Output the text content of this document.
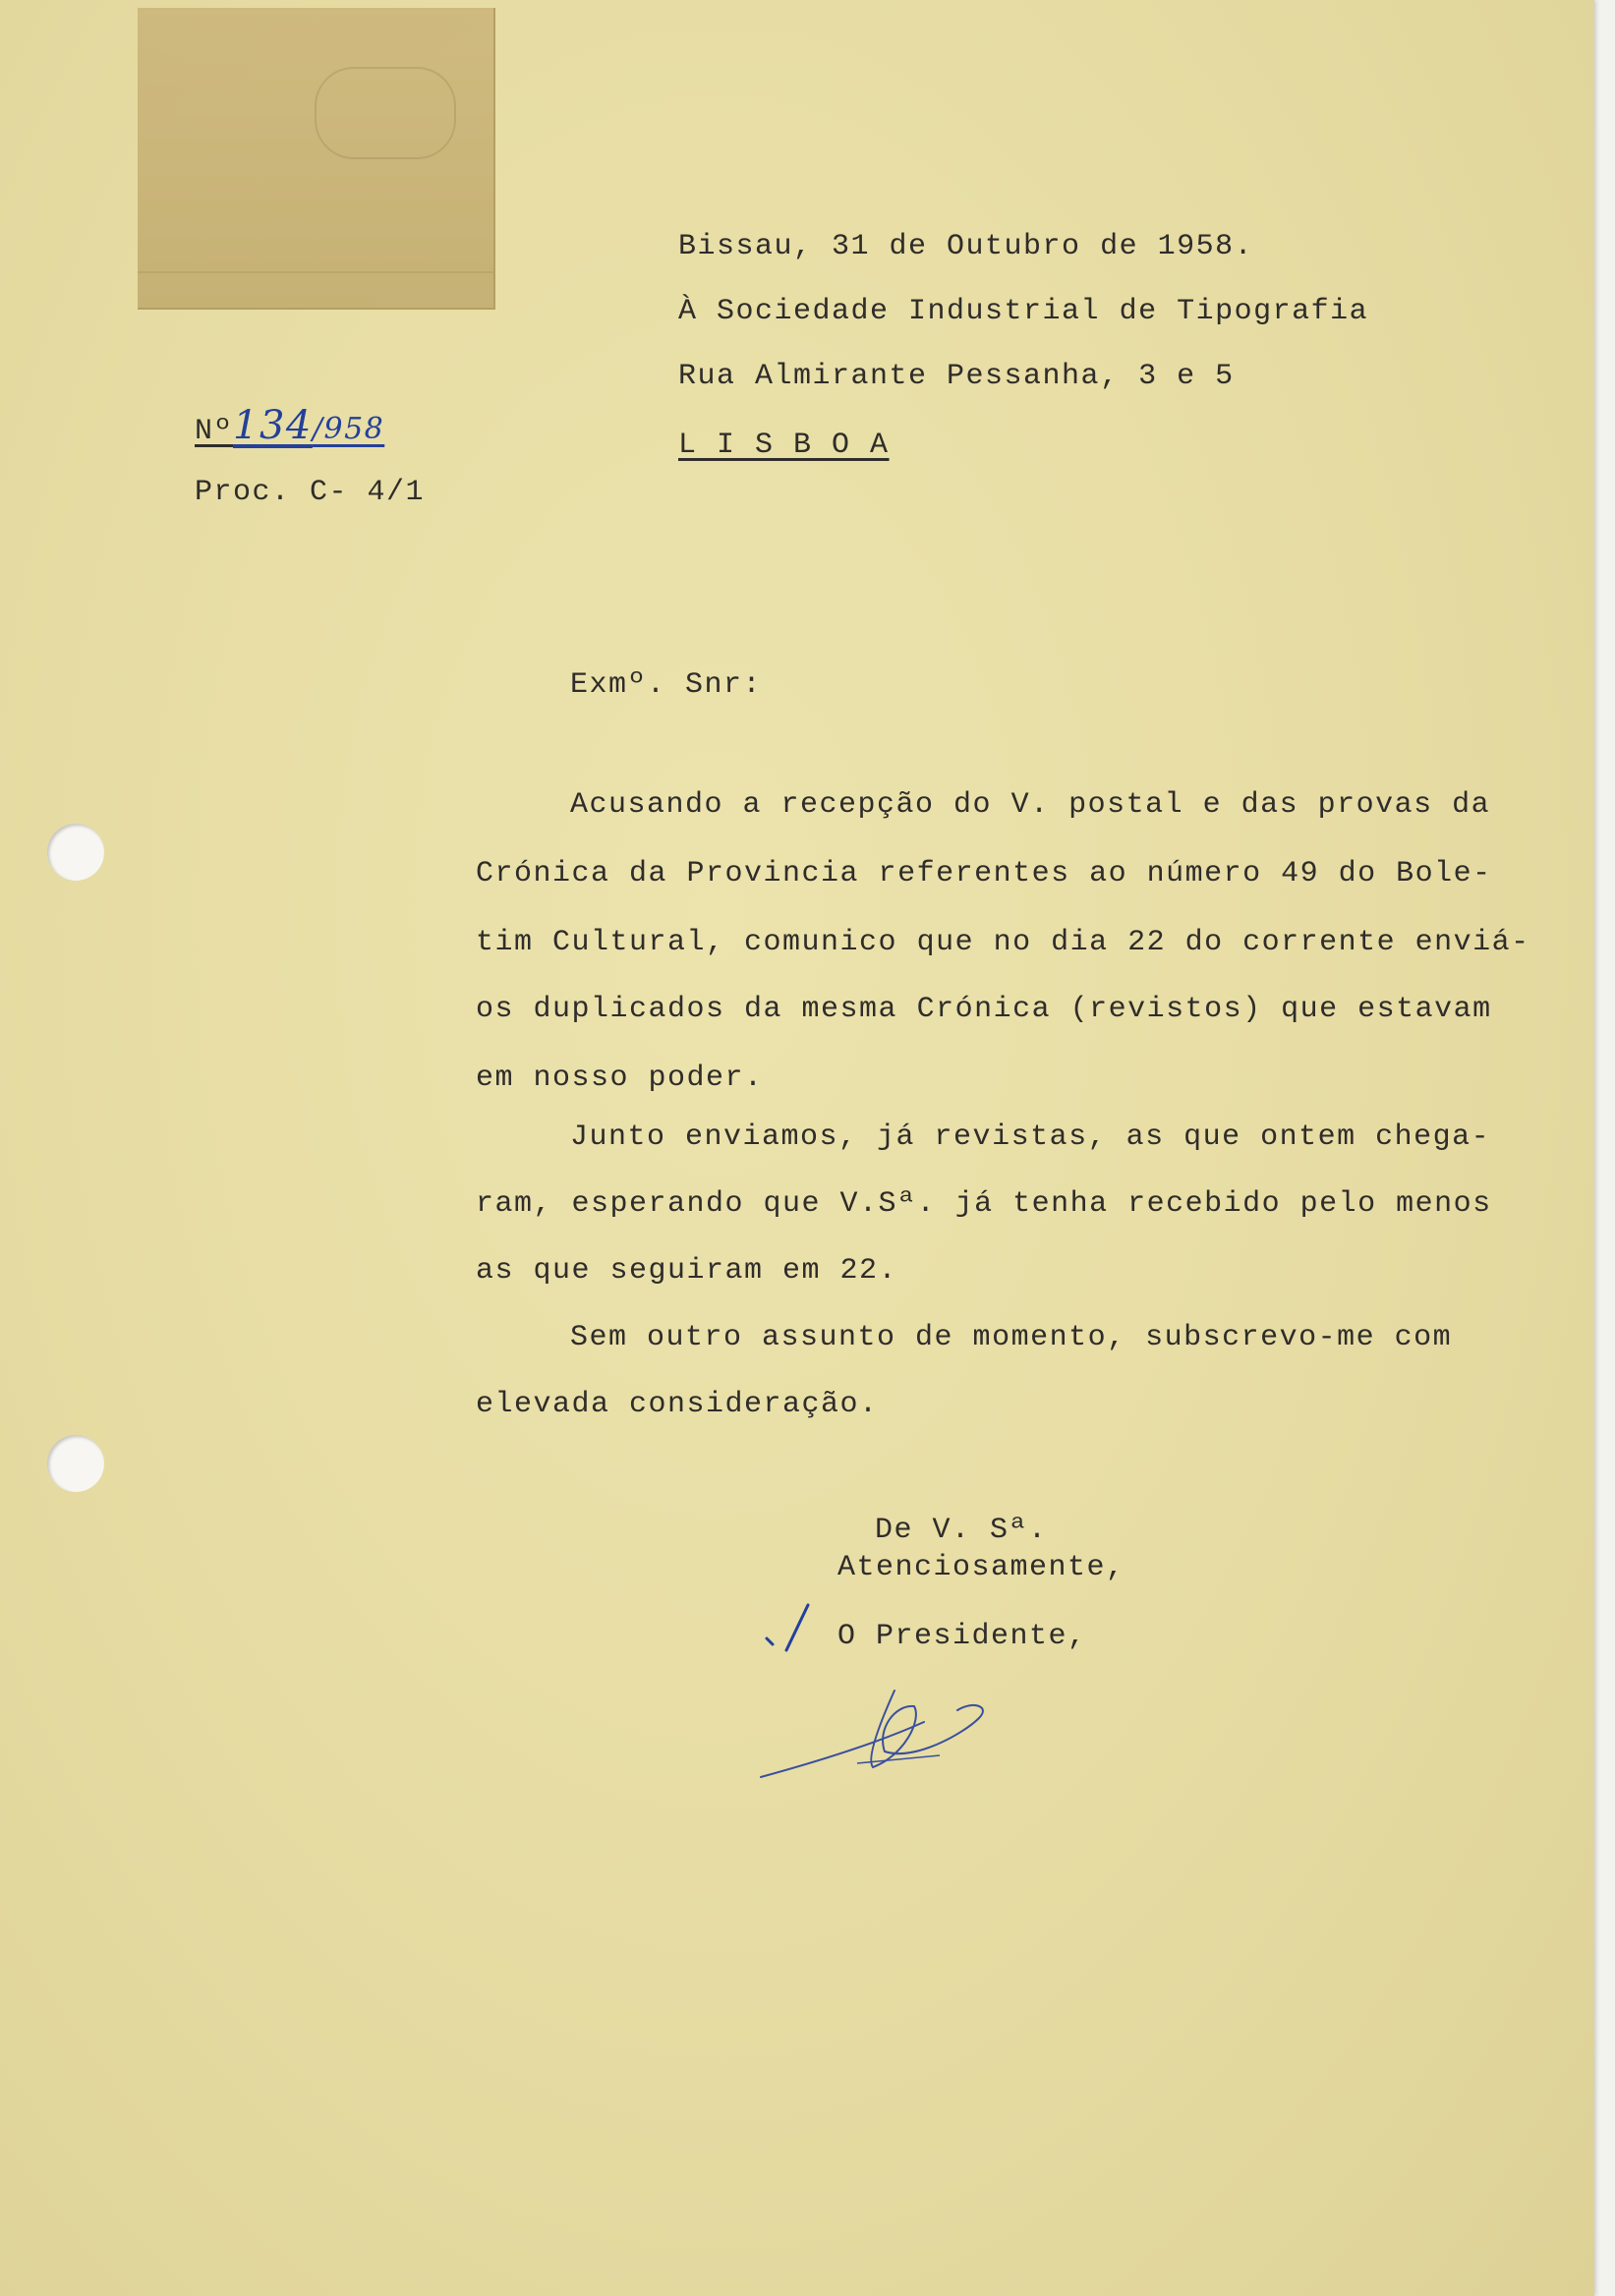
Nº134/958
Proc. C- 4/1
Bissau, 31 de Outubro de 1958.
À Sociedade Industrial de Tipografia
Rua Almirante Pessanha, 3 e 5
L I S B O A
Exmº. Snr:
Acusando a recepção do V. postal e das provas da
Crónica da Provincia referentes ao número 49 do Bole-
tim Cultural, comunico que no dia 22 do corrente enviá-
os duplicados da mesma Crónica (revistos) que estavam
em nosso poder.
Junto enviamos, já revistas, as que ontem chega-
ram, esperando que V.Sª. já tenha recebido pelo menos
as que seguiram em 22.
Sem outro assunto de momento, subscrevo-me com
elevada consideração.
De V. Sª.
Atenciosamente,
O Presidente,
